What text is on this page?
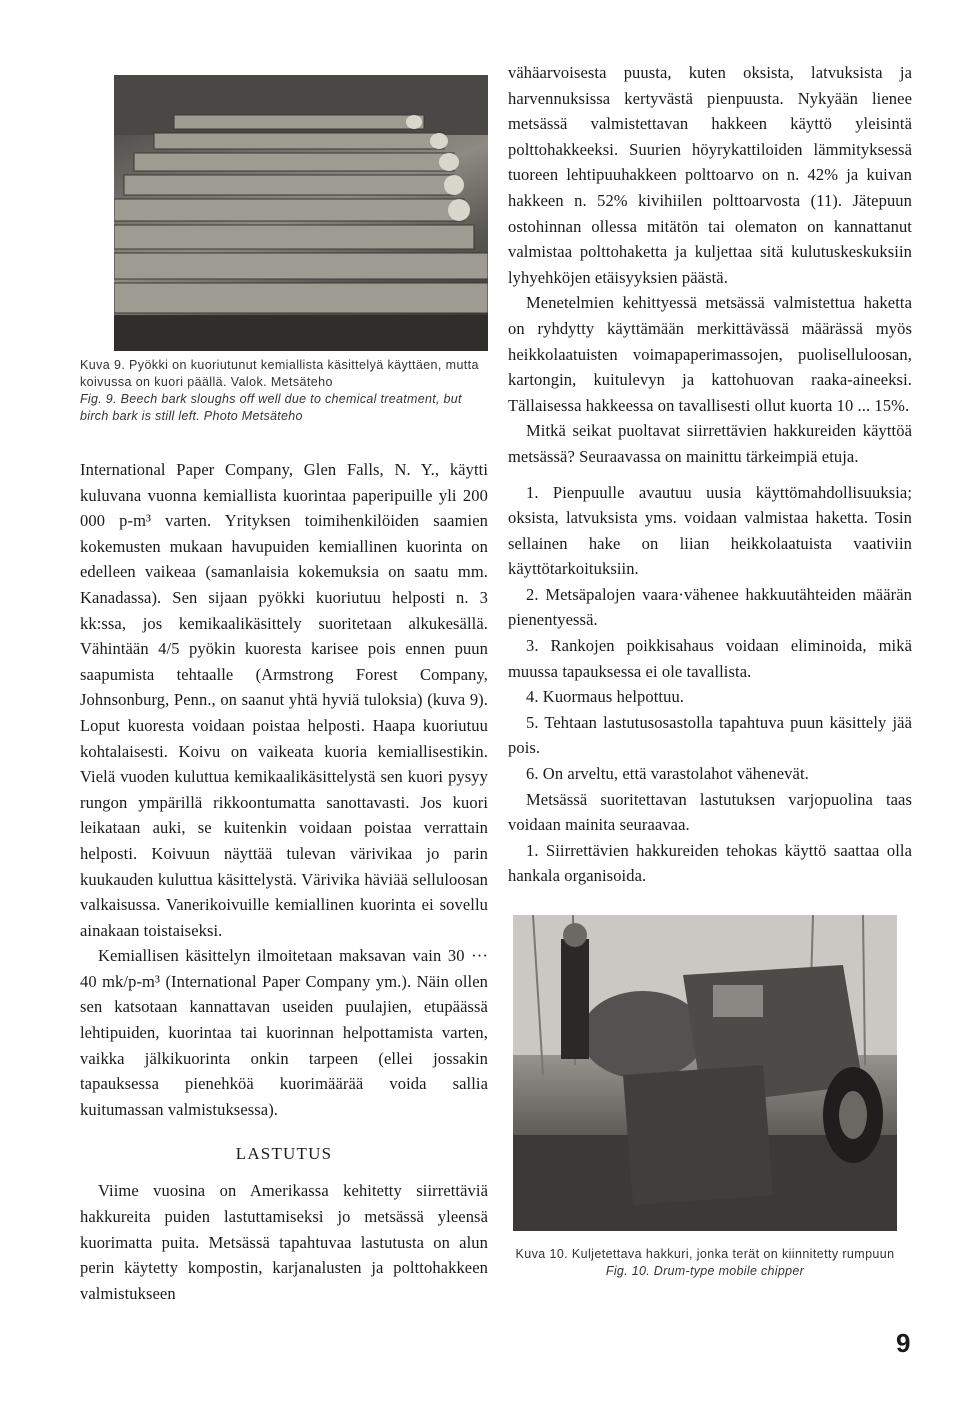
Kuva 9. Pyökki on kuoriutunut kemiallista käsittelyä käyttäen, mutta koivussa on kuori päällä. Valok. Metsäteho

Fig. 9. Beech bark sloughs off well due to chemical treatment, but birch bark is still left. Photo Metsäteho

International Paper Company, Glen Falls, N. Y., käytti kuluvana vuonna kemiallista kuorintaa paperipuille yli 200 000 p-m³ varten. Yrityksen toimihenkilöiden saamien kokemusten mukaan havupuiden kemiallinen kuorinta on edelleen vaikeaa (samanlaisia kokemuksia on saatu mm. Kanadassa). Sen sijaan pyökki kuoriutuu helposti n. 3 kk:ssa, jos kemikaalikäsittely suoritetaan alkukesällä. Vähintään 4/5 pyökin kuoresta karisee pois ennen puun saapumista tehtaalle (Armstrong Forest Company, Johnsonburg, Penn., on saanut yhtä hyviä tuloksia) (kuva 9). Loput kuoresta voidaan poistaa helposti. Haapa kuoriutuu kohtalaisesti. Koivu on vaikeata kuoria kemiallisestikin. Vielä vuoden kuluttua kemikaalikäsittelystä sen kuori pysyy rungon ympärillä rikkoontumatta sanottavasti. Jos kuori leikataan auki, se kuitenkin voidaan poistaa verrattain helposti. Koivuun näyttää tulevan värivikaa jo parin kuukauden kuluttua käsittelystä. Värivika häviää selluloosan valkaisussa. Vanerikoivuille kemiallinen kuorinta ei sovellu ainakaan toistaiseksi.

Kemiallisen käsittelyn ilmoitetaan maksavan vain 30 ··· 40 mk/p-m³ (International Paper Company ym.). Näin ollen sen katsotaan kannattavan useiden puulajien, etupäässä lehtipuiden, kuorintaa tai kuorinnan helpottamista varten, vaikka jälkikuorinta onkin tarpeen (ellei jossakin tapauksessa pienehköä kuorimäärää voida sallia kuitumassan valmistuksessa).

LASTUTUS

Viime vuosina on Amerikassa kehitetty siirrettäviä hakkureita puiden lastuttamiseksi jo metsässä yleensä kuorimatta puita. Metsässä tapahtuvaa lastutusta on alun perin käytetty kompostin, karjanalusten ja polttohakkeen valmistukseen

vähäarvoisesta puusta, kuten oksista, latvuksista ja harvennuksissa kertyvästä pienpuusta. Nykyään lienee metsässä valmistettavan hakkeen käyttö yleisintä polttohakkeeksi. Suurien höyrykattiloiden lämmityksessä tuoreen lehtipuuhakkeen polttoarvo on n. 42% ja kuivan hakkeen n. 52% kivihiilen polttoarvosta (11). Jätepuun ostohinnan ollessa mitätön tai olematon on kannattanut valmistaa polttohaketta ja kuljettaa sitä kulutuskeskuksiin lyhyehköjen etäisyyksien päästä.

Menetelmien kehittyessä metsässä valmistettua haketta on ryhdytty käyttämään merkittävässä määrässä myös heikkolaatuisten voimapaperimassojen, puoliselluloosan, kartongin, kuitulevyn ja kattohuovan raaka-aineeksi. Tällaisessa hakkeessa on tavallisesti ollut kuorta 10 ... 15%.

Mitkä seikat puoltavat siirrettävien hakkureiden käyttöä metsässä? Seuraavassa on mainittu tärkeimpiä etuja.

1. Pienpuulle avautuu uusia käyttömahdollisuuksia; oksista, latvuksista yms. voidaan valmistaa haketta. Tosin sellainen hake on liian heikkolaatuista vaativiin käyttötarkoituksiin.

2. Metsäpalojen vaara·vähenee hakkuutähteiden määrän pienentyessä.

3. Rankojen poikkisahaus voidaan eliminoida, mikä muussa tapauksessa ei ole tavallista.

4. Kuormaus helpottuu.

5. Tehtaan lastutusosastolla tapahtuva puun käsittely jää pois.

6. On arveltu, että varastolahot vähenevät.

Metsässä suoritettavan lastutuksen varjopuolina taas voidaan mainita seuraavaa.

1. Siirrettävien hakkureiden tehokas käyttö saattaa olla hankala organisoida.

Kuva 10. Kuljetettava hakkuri, jonka terät on kiinnitetty rumpuun

Fig. 10. Drum-type mobile chipper

9
